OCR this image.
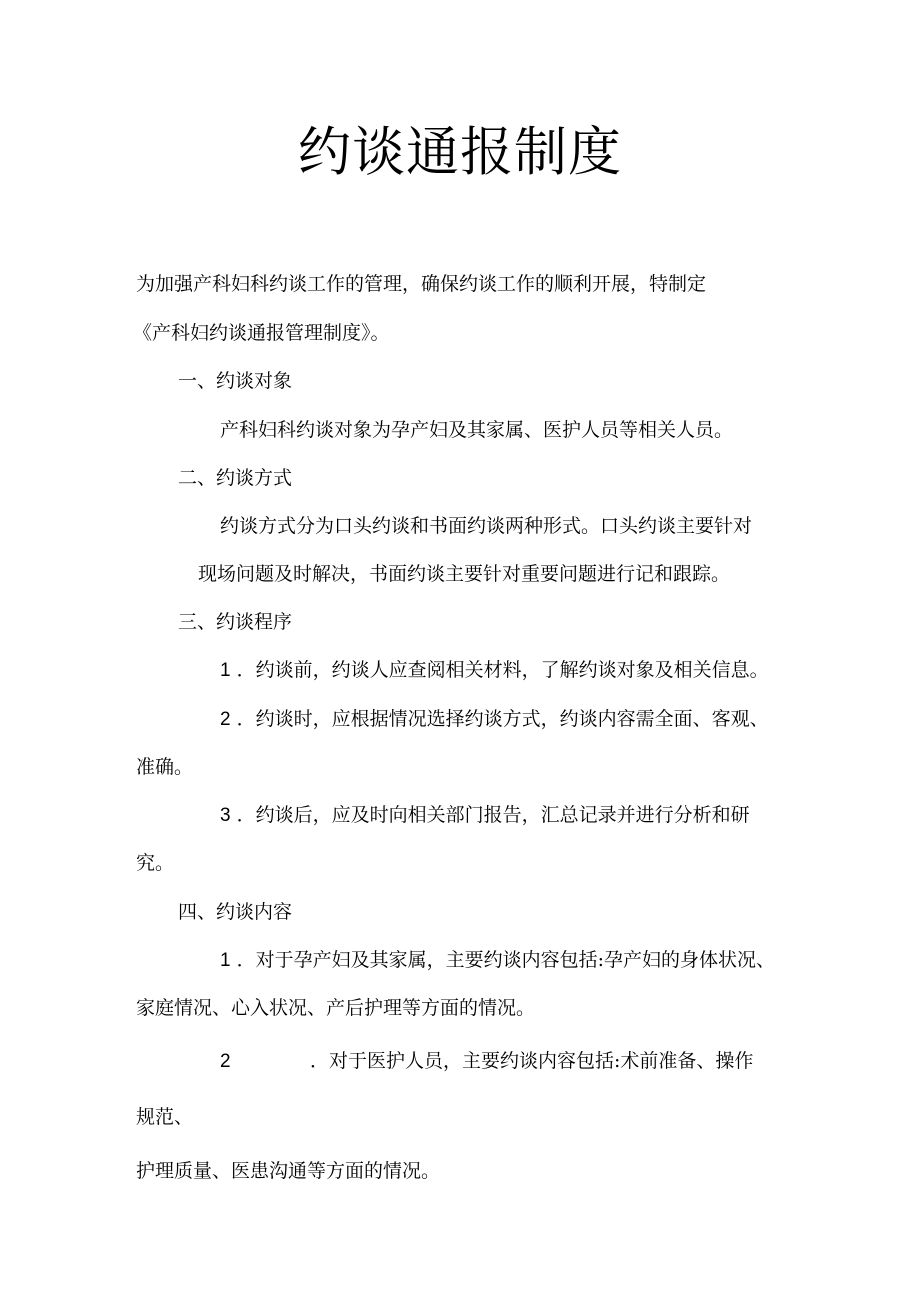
约谈通报制度
为加强产科妇科约谈工作的管理，确保约谈工作的顺利开展，特制定
《产科妇约谈通报管理制度》。
一、约谈对象
产科妇科约谈对象为孕产妇及其家属、医护人员等相关人员。
二、约谈方式
约谈方式分为口头约谈和书面约谈两种形式。口头约谈主要针对
现场问题及时解决，书面约谈主要针对重要问题进行记和跟踪。
三、约谈程序
1 ．约谈前，约谈人应查阅相关材料，了解约谈对象及相关信息。
2 ．约谈时，应根据情况选择约谈方式，约谈内容需全面、客观、
准确。
3 ．约谈后，应及时向相关部门报告，汇总记录并进行分析和研
究。
四、约谈内容
1 ．对于孕产妇及其家属，主要约谈内容包括:孕产妇的身体状况、
家庭情况、心入状况、产后护理等方面的情况。
2	．对于医护人员，主要约谈内容包括:术前准备、操作
规范、
护理质量、医患沟通等方面的情况。
